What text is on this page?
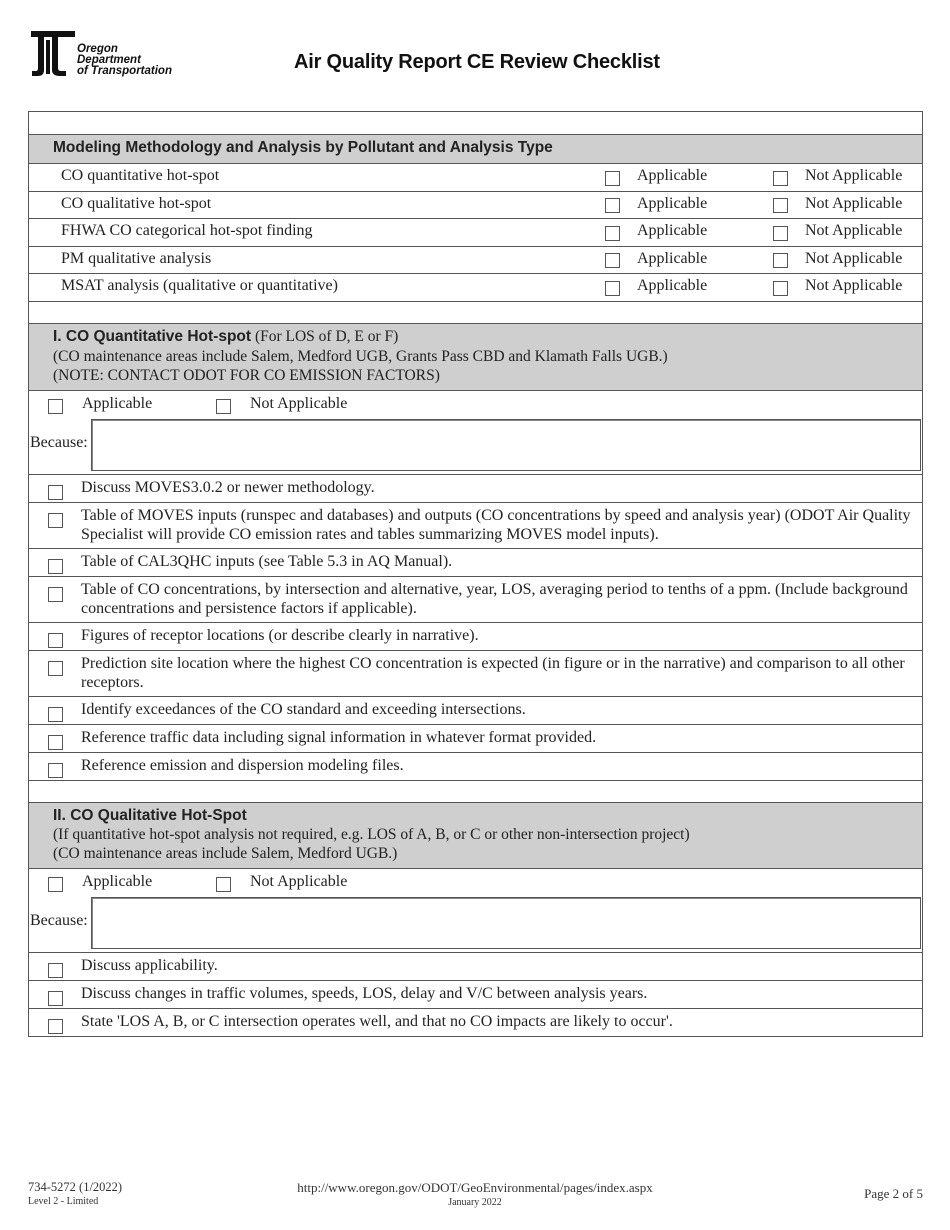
Oregon
Department
of Transportation	Air Quality Report CE Review Checklist
Modeling Methodology and Analysis by Pollutant and Analysis Type
CO quantitative hot-spot	Applicable	Not Applicable
CO qualitative hot-spot	Applicable	Not Applicable
FHWA CO categorical hot-spot finding	Applicable	Not Applicable
PM qualitative analysis	Applicable	Not Applicable
MSAT analysis (qualitative or quantitative)	Applicable	Not Applicable
I. CO Quantitative Hot-spot (For LOS of D, E or F)
(CO maintenance areas include Salem, Medford UGB, Grants Pass CBD and Klamath Falls UGB.)
(NOTE: CONTACT ODOT FOR CO EMISSION FACTORS)
Applicable	Not Applicable
Because:
Discuss MOVES3.0.2 or newer methodology.
Table of MOVES inputs (runspec and databases) and outputs (CO concentrations by speed and analysis year) (ODOT Air Quality Specialist will provide CO emission rates and tables summarizing MOVES model inputs).
Table of CAL3QHC inputs (see Table 5.3 in AQ Manual).
Table of CO concentrations, by intersection and alternative, year, LOS, averaging period to tenths of a ppm. (Include background concentrations and persistence factors if applicable).
Figures of receptor locations (or describe clearly in narrative).
Prediction site location where the highest CO concentration is expected (in figure or in the narrative) and comparison to all other receptors.
Identify exceedances of the CO standard and exceeding intersections.
Reference traffic data including signal information in whatever format provided.
Reference emission and dispersion modeling files.
II. CO Qualitative Hot-Spot
(If quantitative hot-spot analysis not required, e.g. LOS of A, B, or C or other non-intersection project)
(CO maintenance areas include Salem, Medford UGB.)
Applicable	Not Applicable
Because:
Discuss applicability.
Discuss changes in traffic volumes, speeds, LOS, delay and V/C between analysis years.
State 'LOS A, B, or C intersection operates well, and that no CO impacts are likely to occur'.
http://www.oregon.gov/ODOT/GeoEnvironmental/pages/index.aspx
January 2022
734-5272 (1/2022)
Level 2 - Limited
Page 2 of 5
